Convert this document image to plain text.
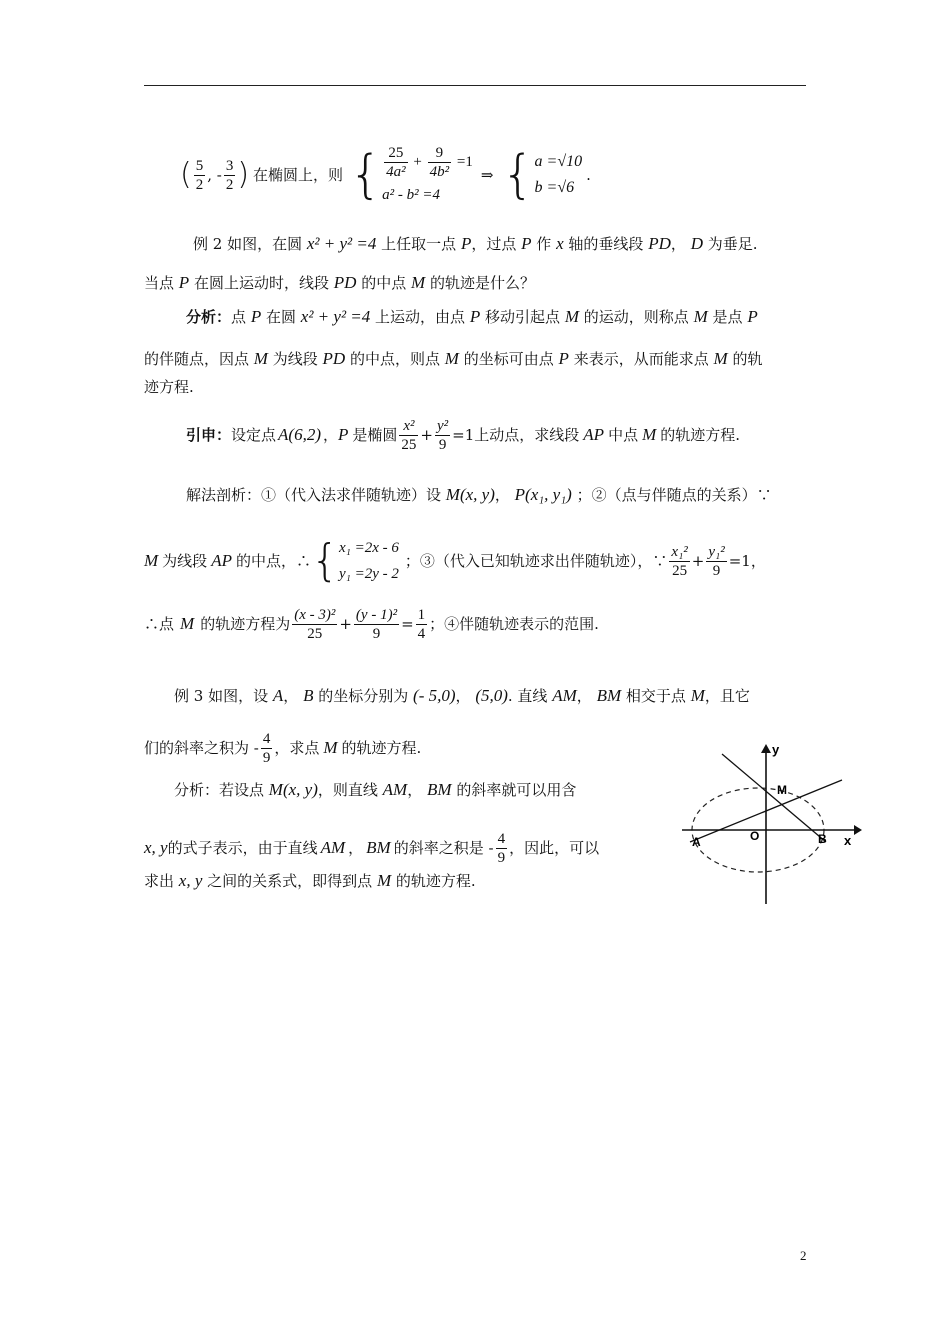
( $\frac{5}{2}$ , - $\frac{3}{2}$ ) 在椭圆上，则 { $\frac{25}{\text{4a²}} + \frac{9}{\text{4b²}} =1$
a² - b² =4
⇒ { a =√10
b =√6
.
例 2 如图，在圆 x² + y² =4 上任取一点 P，过点 P 作 x 轴的垂线段 PD， D 为垂足.
当点 P 在圆上运动时，线段 PD 的中点 M 的轨迹是什么？
分析：点 P 在圆 x² + y² =4 上运动，由点 P 移动引起点 M 的运动，则称点 M 是点 P
的伴随点，因点 M 为线段 PD 的中点，则点 M 的坐标可由点 P 来表示，从而能求点 M 的轨
迹方程.
引申： 设定点 A(6,2) ， P 是椭圆 $\frac{\text{x²}}{25} + \frac{\text{y²}}{9} =1$ 上动点，求线段 AP 中点 M 的轨迹方程.
解法剖析：①（代入法求伴随轨迹）设 M(x, y)， P(x₁, y₁) ；②（点与伴随点的关系）∵
M 为线段 AP 的中点，∴ { x₁ =2x - 6
y₁ =2y - 2
；③（代入已知轨迹求出伴随轨迹），∵ $\frac{\text{x₁²}}{25} + \frac{\text{y₁²}}{9} =1$ ，
∴点 M 的轨迹方程为 $\frac{\text{(x - 3)²}}{25} + \frac{\text{(y - 1)²}}{9} = \frac{1}{4}$ ；④伴随轨迹表示的范围.
例 3 如图，设 A， B 的坐标分别为 (- 5,0)， (5,0). 直线 AM， BM 相交于点 M，且它
们的斜率之积为 - $\frac{4}{9}$ ，求点 M 的轨迹方程.
分析：若设点 M(x, y)，则直线 AM， BM 的斜率就可以用含
x, y 的式子表示，由于直线 AM ， BM 的斜率之积是 - $\frac{4}{9}$ ，因此，可以
求出 x, y 之间的关系式，即得到点 M 的轨迹方程.
y
x
M
O
A	B
2
